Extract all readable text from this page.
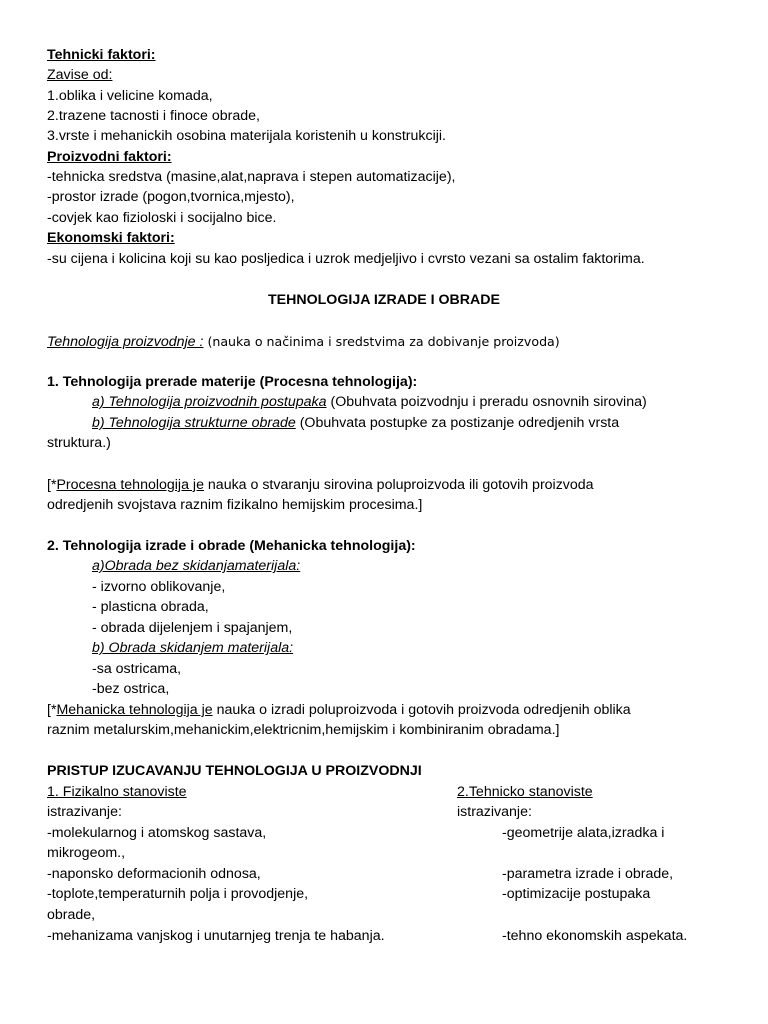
Tehnicki faktori:
Zavise od:
1.oblika i velicine komada,
2.trazene tacnosti i finoce obrade,
3.vrste i mehanickih osobina materijala koristenih u konstrukciji.
Proizvodni faktori:
-tehnicka sredstva (masine,alat,naprava i stepen automatizacije),
-prostor izrade (pogon,tvornica,mjesto),
-covjek kao fizioloski i socijalno bice.
Ekonomski faktori:
-su cijena i kolicina koji su kao posljedica i uzrok medjeljivo i cvrsto vezani sa ostalim faktorima.
TEHNOLOGIJA IZRADE I OBRADE
Tehnologija proizvodnje : (nauka o načinima i sredstvima za dobivanje proizvoda)
1. Tehnologija prerade materije (Procesna tehnologija):
a) Tehnologija proizvodnih postupaka (Obuhvata poizvodnju i preradu osnovnih sirovina)
b) Tehnologija strukturne obrade (Obuhvata postupke za postizanje odredjenih vrsta
struktura.)
[*Procesna tehnologija je nauka o stvaranju sirovina poluproizvoda ili gotovih proizvoda
odredjenih svojstava raznim fizikalno hemijskim procesima.]
2. Tehnologija izrade i obrade (Mehanicka tehnologija):
a)Obrada bez skidanjamaterijala:
- izvorno oblikovanje,
- plasticna obrada,
- obrada dijelenjem i spajanjem,
b) Obrada skidanjem materijala:
-sa ostricama,
-bez ostrica,
[*Mehanicka tehnologija je nauka o izradi poluproizvoda i gotovih proizvoda odredjenih oblika
raznim metalurskim,mehanickim,elektricnim,hemijskim i kombiniranim obradama.]
PRISTUP IZUCAVANJU TEHNOLOGIJA U PROIZVODNJI
1. Fizikalno stanoviste	2.Tehnicko stanoviste
istrazivanje:	istrazivanje:
-molekularnog i atomskog sastava,	-geometrije alata,izradka i
mikrogeom.,
-naponsko deformacionih odnosa,	-parametra izrade i obrade,
-toplote,temperaturnih polja i provodjenje,	-optimizacije postupaka
obrade,
-mehanizama vanjskog i unutarnjeg trenja te habanja.	-tehno ekonomskih aspekata.
